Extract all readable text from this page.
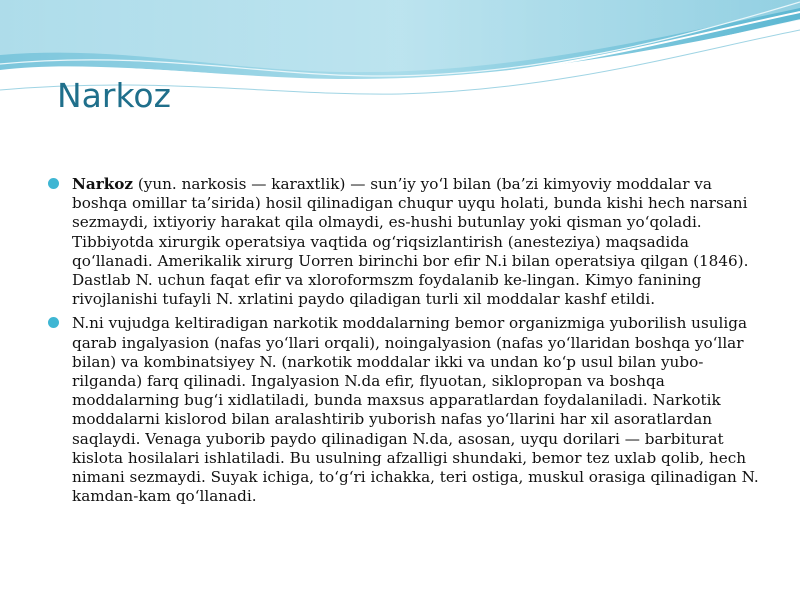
Narkoz

Narkoz (yun. narkosis — karaxtlik) — sun’iy yo‘l bilan (ba’zi kimyoviy moddalar va boshqa omillar ta’sirida) hosil qilinadigan chuqur uyqu holati, bunda kishi hech narsani sezmaydi, ixtiyoriy harakat qila olmaydi, es-hushi butunlay yoki qisman yo‘qoladi. Tibbiyotda xirurgik operatsiya vaqtida og‘riqsizlantirish (anesteziya) maqsadida qo‘llanadi. Amerikalik xirurg Uorren birinchi bor efir N.i bilan operatsiya qilgan (1846). Dastlab N. uchun faqat efir va xloroformszm foydalanib ke-lingan. Kimyo fanining rivojlanishi tufayli N. xrlatini paydo qiladigan turli xil moddalar kashf etildi.

N.ni vujudga keltiradigan narkotik moddalarning bemor organizmiga yuborilish usuliga qarab ingalyasion (nafas yo‘llari orqali), noingalyasion (nafas yo‘llaridan boshqa yo‘llar bilan) va kombinatsiyey N. (narkotik moddalar ikki va undan ko‘p usul bilan yubo-rilganda) farq qilinadi. Ingalyasion N.da efir, flyuotan, siklopropan va boshqa moddalarning bug‘i xidlatiladi, bunda maxsus apparatlardan foydalaniladi. Narkotik moddalarni kislorod bilan aralashtirib yuborish nafas yo‘llarini har xil asoratlardan saqlaydi. Venaga yuborib paydo qilinadigan N.da, asosan, uyqu dorilari — barbiturat kislota hosilalari ishlatiladi. Bu usulning afzalligi shundaki, bemor tez uxlab qolib, hech nimani sezmaydi. Suyak ichiga, to‘g‘ri ichakka, teri ostiga, muskul orasiga qilinadigan N. kamdan-kam qo‘llanadi.
